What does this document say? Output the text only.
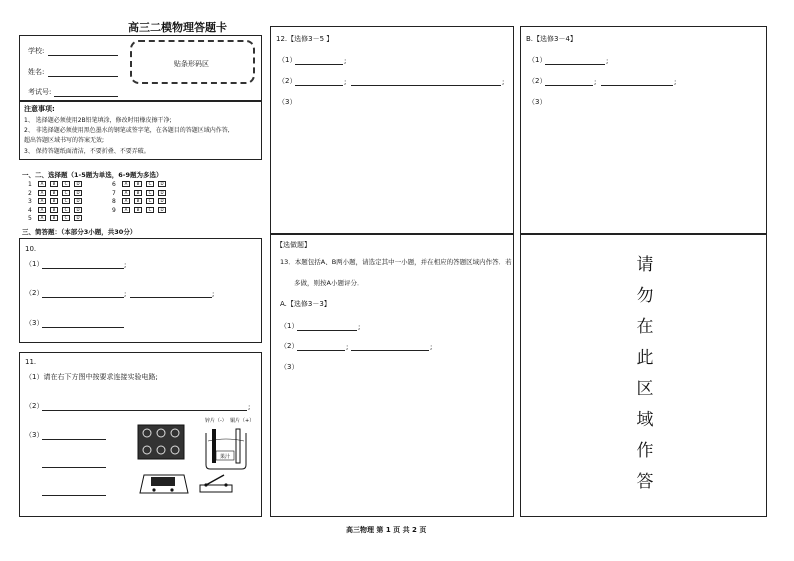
高三二模物理答题卡
学校:
姓名:
考试号:
贴条形码区
注意事项:
1、 选择题必须使用2B铅笔填涂，修改时用橡皮擦干净;
2、 非选择题必须使用黑色墨水的钢笔或签字笔，在各题目的答题区域内作答,
超出答题区域书写的答案无效;
3、 保持答题纸面清洁，不要折叠、不要弄破。
一、二、选择题（1-5题为单选，6-9题为多选）
1	A	B	C	D
2	A	B	C	D
3	A	B	C	D
4	A	B	C	D
5	A	B	C	D
6	A	B	C	D
7	A	B	C	D
8	A	B	C	D
9	A	B	C	D
三、简答题：（本部分3小题，共30分）
10.
（1）	;
（2）	;	;
（3）
11.
（1）请在右下方图中按要求连接实验电路;
（2）	;
（3）
果汁
锌片（-） 铜片（+）
12.【选修3－5 】
（1）	;
（2）	;	;
（3）
【选做题】
13．本题包括A、B两小题，请选定其中一小题，并在相应的答题区域内作答．若
多做，则按A小题评分．
A.【选修3－3】
（1）	;
（2）	;	;
（3）
B.【选修3－4】
（1）	;
（2）	;	;
（3）
请
勿
在
此
区
域
作
答
高三物理 第 1 页 共 2 页
